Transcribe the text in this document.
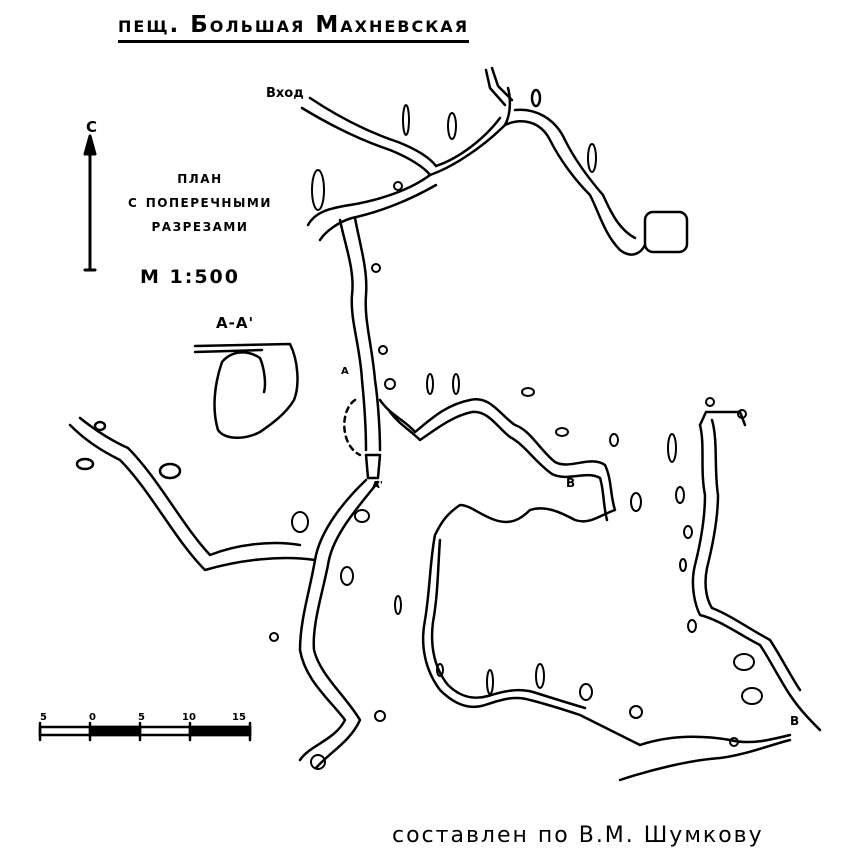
пещ. Большая Махневская
С
план
с поперечными
разрезами
М 1:500
А-А'
Вход
А
А'	В
В
5	0	5	10	15
составлен по В.М. Шумкову
